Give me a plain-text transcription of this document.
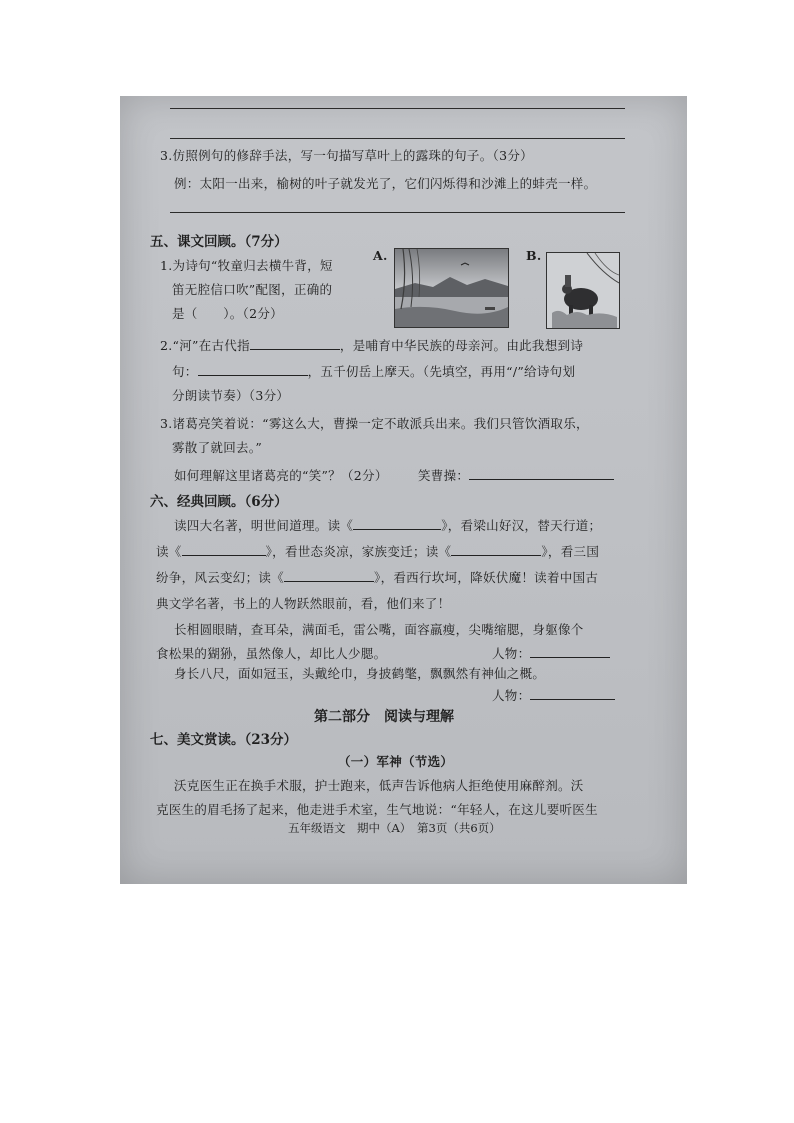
3.仿照例句的修辞手法，写一句描写草叶上的露珠的句子。（3分）
例：太阳一出来，榆树的叶子就发光了，它们闪烁得和沙滩上的蚌壳一样。
五、课文回顾。（7分）
1.为诗句“牧童归去横牛背，短
笛无腔信口吹”配图，正确的
是（　　）。（2分）
A.	B.
2.“河”在古代指	，是哺育中华民族的母亲河。由此我想到诗
句：	，五千仞岳上摩天。（先填空，再用“/”给诗句划
分朗读节奏）（3分）
3.诸葛亮笑着说：“雾这么大，曹操一定不敢派兵出来。我们只管饮酒取乐，
雾散了就回去。”
如何理解这里诸葛亮的“笑”？（2分） 笑曹操：
六、经典回顾。（6分）
读四大名著，明世间道理。读《	》，看梁山好汉，替天行道；
读《	》，看世态炎凉，家族变迁；读《	》，看三国
纷争，风云变幻；读《	》，看西行坎坷，降妖伏魔！读着中国古
典文学名著，书上的人物跃然眼前，看，他们来了！
长相圆眼睛，查耳朵，满面毛，雷公嘴，面容羸瘦，尖嘴缩腮，身躯像个
食松果的猢狲，虽然像人，却比人少腮。	人物：
身长八尺，面如冠玉，头戴纶巾，身披鹤氅，飘飘然有神仙之概。
人物：
第二部分　阅读与理解
七、美文赏读。（23分）
（一）军神（节选）
沃克医生正在换手术服，护士跑来，低声告诉他病人拒绝使用麻醉剂。沃
克医生的眉毛扬了起来，他走进手术室，生气地说：“年轻人，在这儿要听医生
五年级语文　期中（A）　第3页（共6页）
